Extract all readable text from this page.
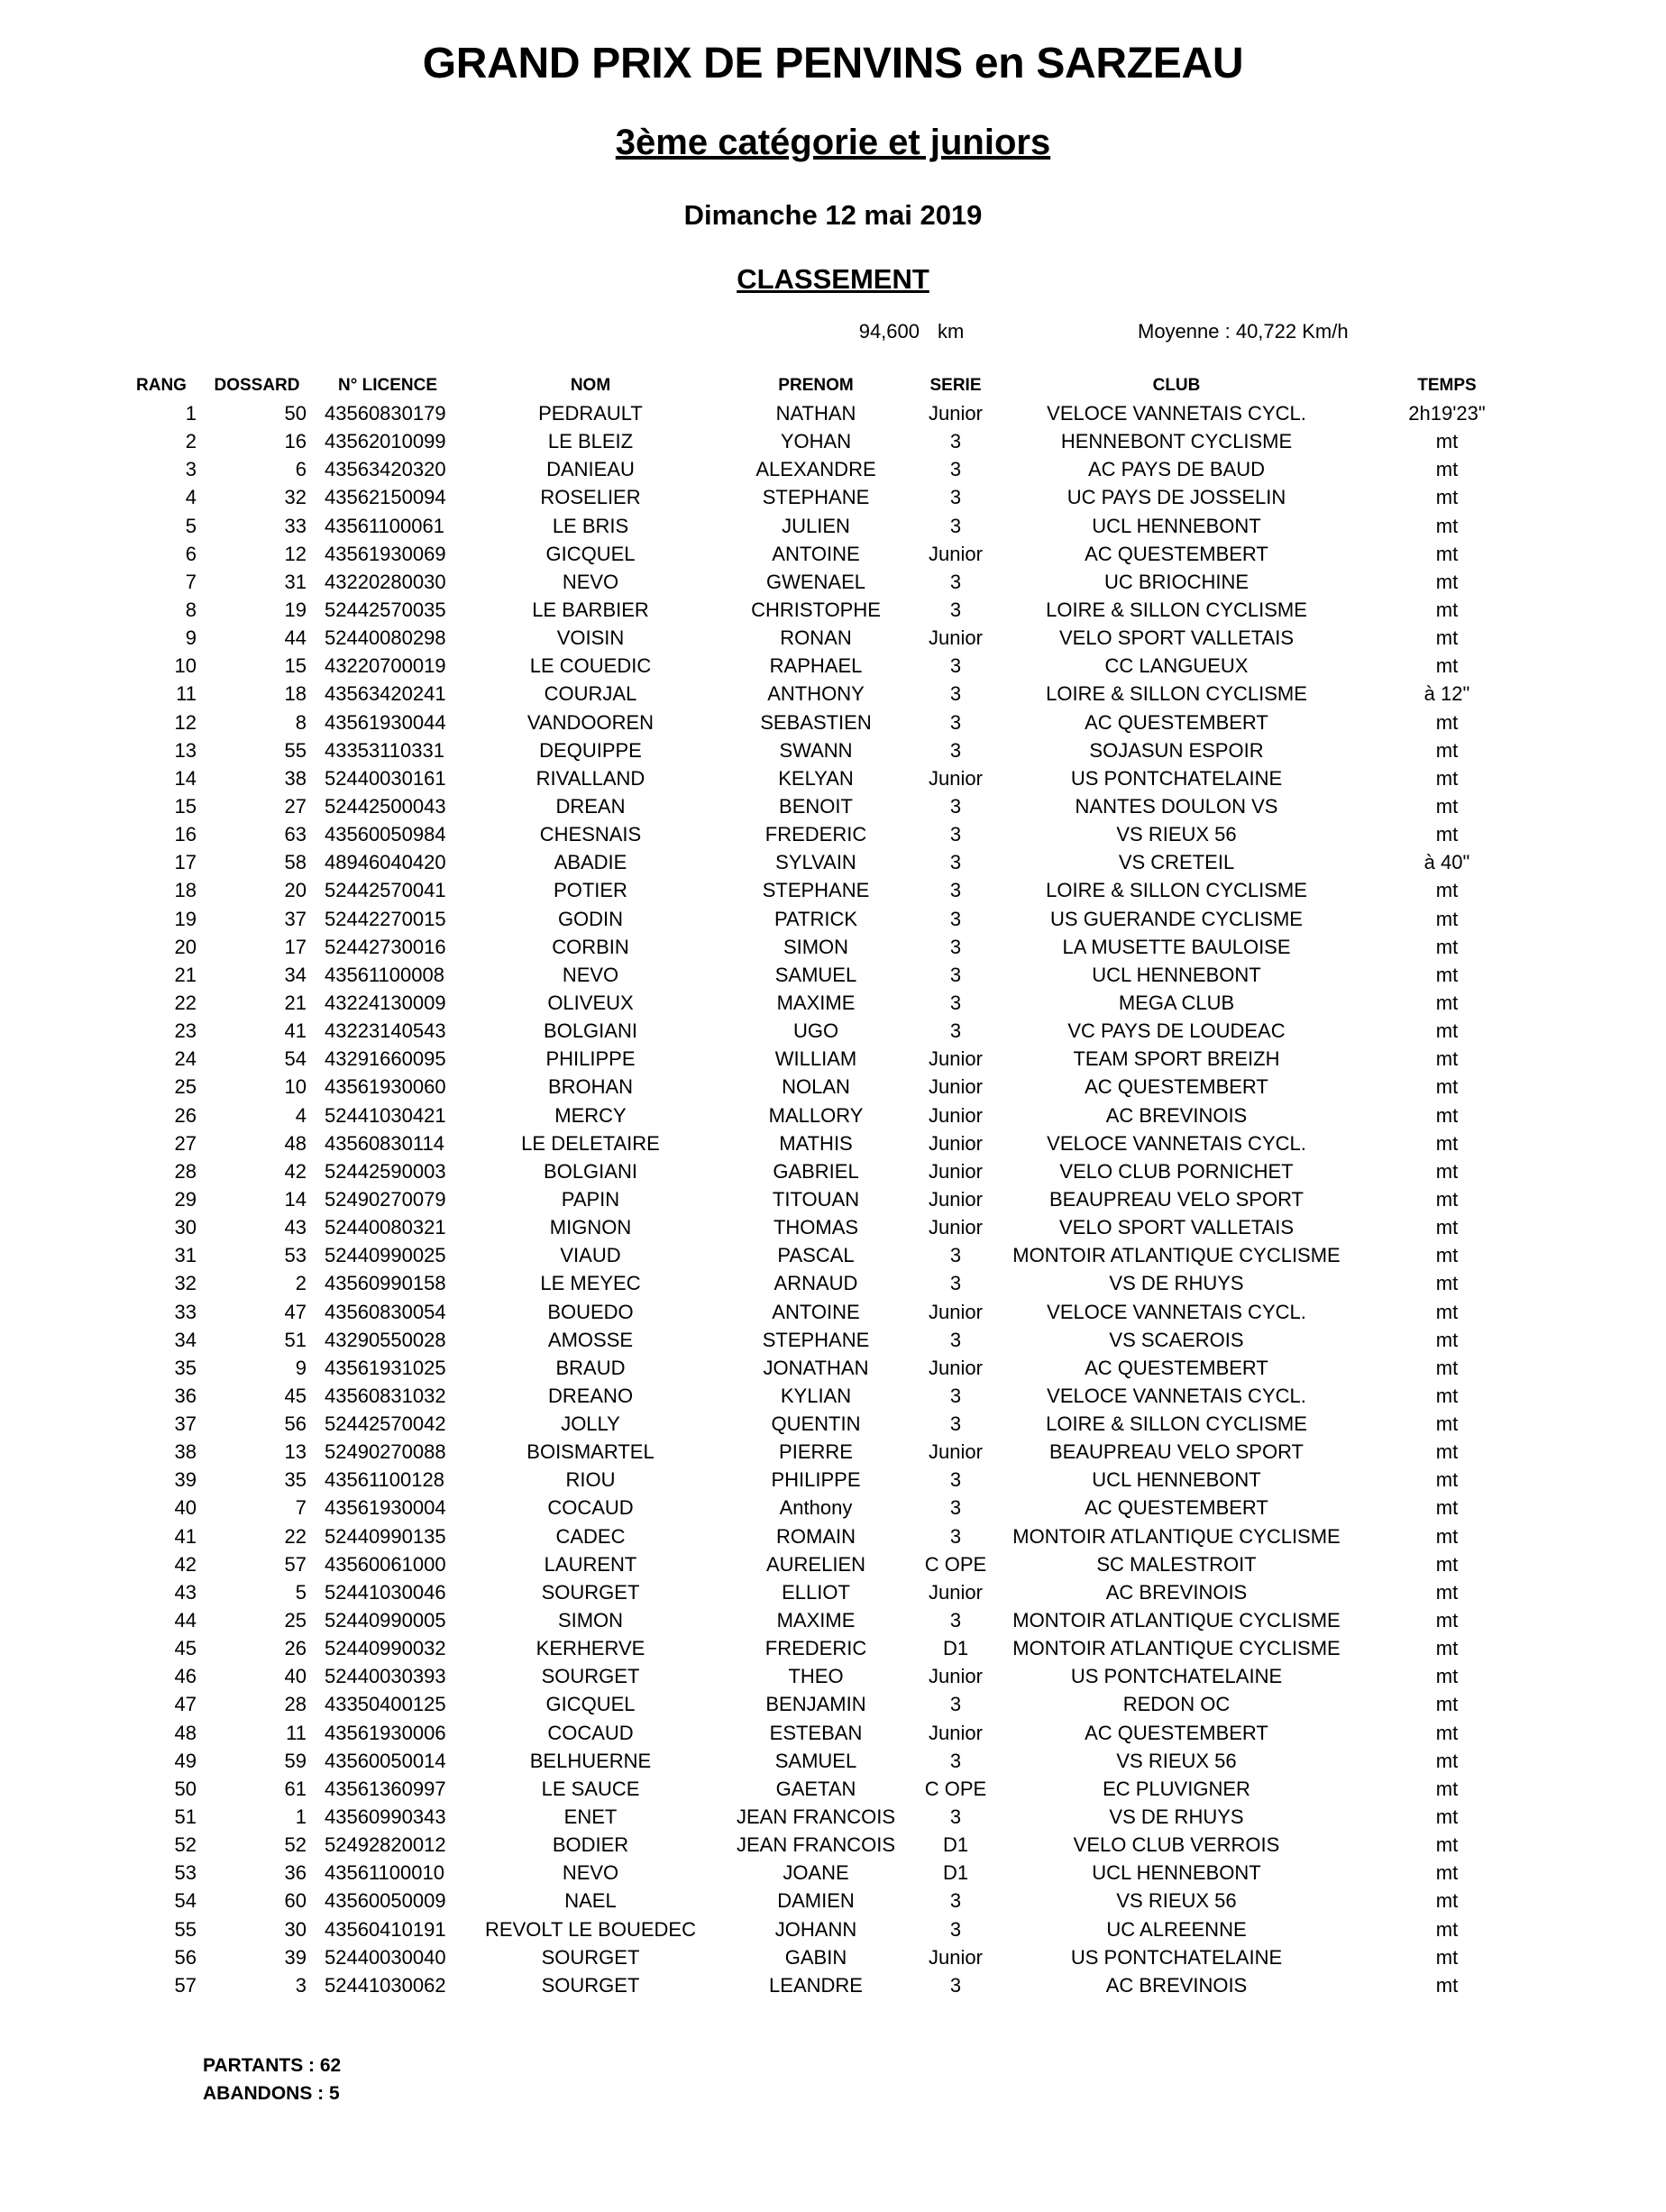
GRAND PRIX DE PENVINS en SARZEAU
3ème catégorie et juniors
Dimanche 12 mai 2019
CLASSEMENT
94,600 km	Moyenne : 40,722 Km/h
RANG	DOSSARD	N° LICENCE	NOM	PRENOM	SERIE	CLUB	TEMPS
1	50 43560830179	PEDRAULT	NATHAN	Junior	VELOCE VANNETAIS CYCL.	2h19'23"
2	16 43562010099	LE BLEIZ	YOHAN	3	HENNEBONT CYCLISME	mt
3	6 43563420320	DANIEAU	ALEXANDRE	3	AC PAYS DE BAUD	mt
4	32 43562150094	ROSELIER	STEPHANE	3	UC PAYS DE JOSSELIN	mt
5	33 43561100061	LE BRIS	JULIEN	3	UCL HENNEBONT	mt
6	12 43561930069	GICQUEL	ANTOINE	Junior	AC QUESTEMBERT	mt
7	31 43220280030	NEVO	GWENAEL	3	UC BRIOCHINE	mt
8	19 52442570035	LE BARBIER	CHRISTOPHE	3	LOIRE & SILLON CYCLISME	mt
9	44 52440080298	VOISIN	RONAN	Junior	VELO SPORT VALLETAIS	mt
10	15 43220700019	LE COUEDIC	RAPHAEL	3	CC LANGUEUX	mt
11	18 43563420241	COURJAL	ANTHONY	3	LOIRE & SILLON CYCLISME	à 12"
12	8 43561930044	VANDOOREN	SEBASTIEN	3	AC QUESTEMBERT	mt
13	55 43353110331	DEQUIPPE	SWANN	3	SOJASUN ESPOIR	mt
14	38 52440030161	RIVALLAND	KELYAN	Junior	US PONTCHATELAINE	mt
15	27 52442500043	DREAN	BENOIT	3	NANTES DOULON VS	mt
16	63 43560050984	CHESNAIS	FREDERIC	3	VS RIEUX 56	mt
17	58 48946040420	ABADIE	SYLVAIN	3	VS CRETEIL	à 40"
18	20 52442570041	POTIER	STEPHANE	3	LOIRE & SILLON CYCLISME	mt
19	37 52442270015	GODIN	PATRICK	3	US GUERANDE CYCLISME	mt
20	17 52442730016	CORBIN	SIMON	3	LA MUSETTE BAULOISE	mt
21	34 43561100008	NEVO	SAMUEL	3	UCL HENNEBONT	mt
22	21 43224130009	OLIVEUX	MAXIME	3	MEGA CLUB	mt
23	41 43223140543	BOLGIANI	UGO	3	VC PAYS DE LOUDEAC	mt
24	54 43291660095	PHILIPPE	WILLIAM	Junior	TEAM SPORT BREIZH	mt
25	10 43561930060	BROHAN	NOLAN	Junior	AC QUESTEMBERT	mt
26	4 52441030421	MERCY	MALLORY	Junior	AC BREVINOIS	mt
27	48 43560830114	LE DELETAIRE	MATHIS	Junior	VELOCE VANNETAIS CYCL.	mt
28	42 52442590003	BOLGIANI	GABRIEL	Junior	VELO CLUB PORNICHET	mt
29	14 52490270079	PAPIN	TITOUAN	Junior	BEAUPREAU VELO SPORT	mt
30	43 52440080321	MIGNON	THOMAS	Junior	VELO SPORT VALLETAIS	mt
31	53 52440990025	VIAUD	PASCAL	3	MONTOIR ATLANTIQUE CYCLISME	mt
32	2 43560990158	LE MEYEC	ARNAUD	3	VS DE RHUYS	mt
33	47 43560830054	BOUEDO	ANTOINE	Junior	VELOCE VANNETAIS CYCL.	mt
34	51 43290550028	AMOSSE	STEPHANE	3	VS SCAEROIS	mt
35	9 43561931025	BRAUD	JONATHAN	Junior	AC QUESTEMBERT	mt
36	45 43560831032	DREANO	KYLIAN	3	VELOCE VANNETAIS CYCL.	mt
37	56 52442570042	JOLLY	QUENTIN	3	LOIRE & SILLON CYCLISME	mt
38	13 52490270088	BOISMARTEL	PIERRE	Junior	BEAUPREAU VELO SPORT	mt
39	35 43561100128	RIOU	PHILIPPE	3	UCL HENNEBONT	mt
40	7 43561930004	COCAUD	Anthony	3	AC QUESTEMBERT	mt
41	22 52440990135	CADEC	ROMAIN	3	MONTOIR ATLANTIQUE CYCLISME	mt
42	57 43560061000	LAURENT	AURELIEN	C OPE	SC MALESTROIT	mt
43	5 52441030046	SOURGET	ELLIOT	Junior	AC BREVINOIS	mt
44	25 52440990005	SIMON	MAXIME	3	MONTOIR ATLANTIQUE CYCLISME	mt
45	26 52440990032	KERHERVE	FREDERIC	D1	MONTOIR ATLANTIQUE CYCLISME	mt
46	40 52440030393	SOURGET	THEO	Junior	US PONTCHATELAINE	mt
47	28 43350400125	GICQUEL	BENJAMIN	3	REDON OC	mt
48	11 43561930006	COCAUD	ESTEBAN	Junior	AC QUESTEMBERT	mt
49	59 43560050014	BELHUERNE	SAMUEL	3	VS RIEUX 56	mt
50	61 43561360997	LE SAUCE	GAETAN	C OPE	EC PLUVIGNER	mt
51	1 43560990343	ENET	JEAN FRANCOIS	3	VS DE RHUYS	mt
52	52 52492820012	BODIER	JEAN FRANCOIS	D1	VELO CLUB VERROIS	mt
53	36 43561100010	NEVO	JOANE	D1	UCL HENNEBONT	mt
54	60 43560050009	NAEL	DAMIEN	3	VS RIEUX 56	mt
55	30 43560410191	REVOLT LE BOUEDEC	JOHANN	3	UC ALREENNE	mt
56	39 52440030040	SOURGET	GABIN	Junior	US PONTCHATELAINE	mt
57	3 52441030062	SOURGET	LEANDRE	3	AC BREVINOIS	mt
PARTANTS : 62
ABANDONS : 5
